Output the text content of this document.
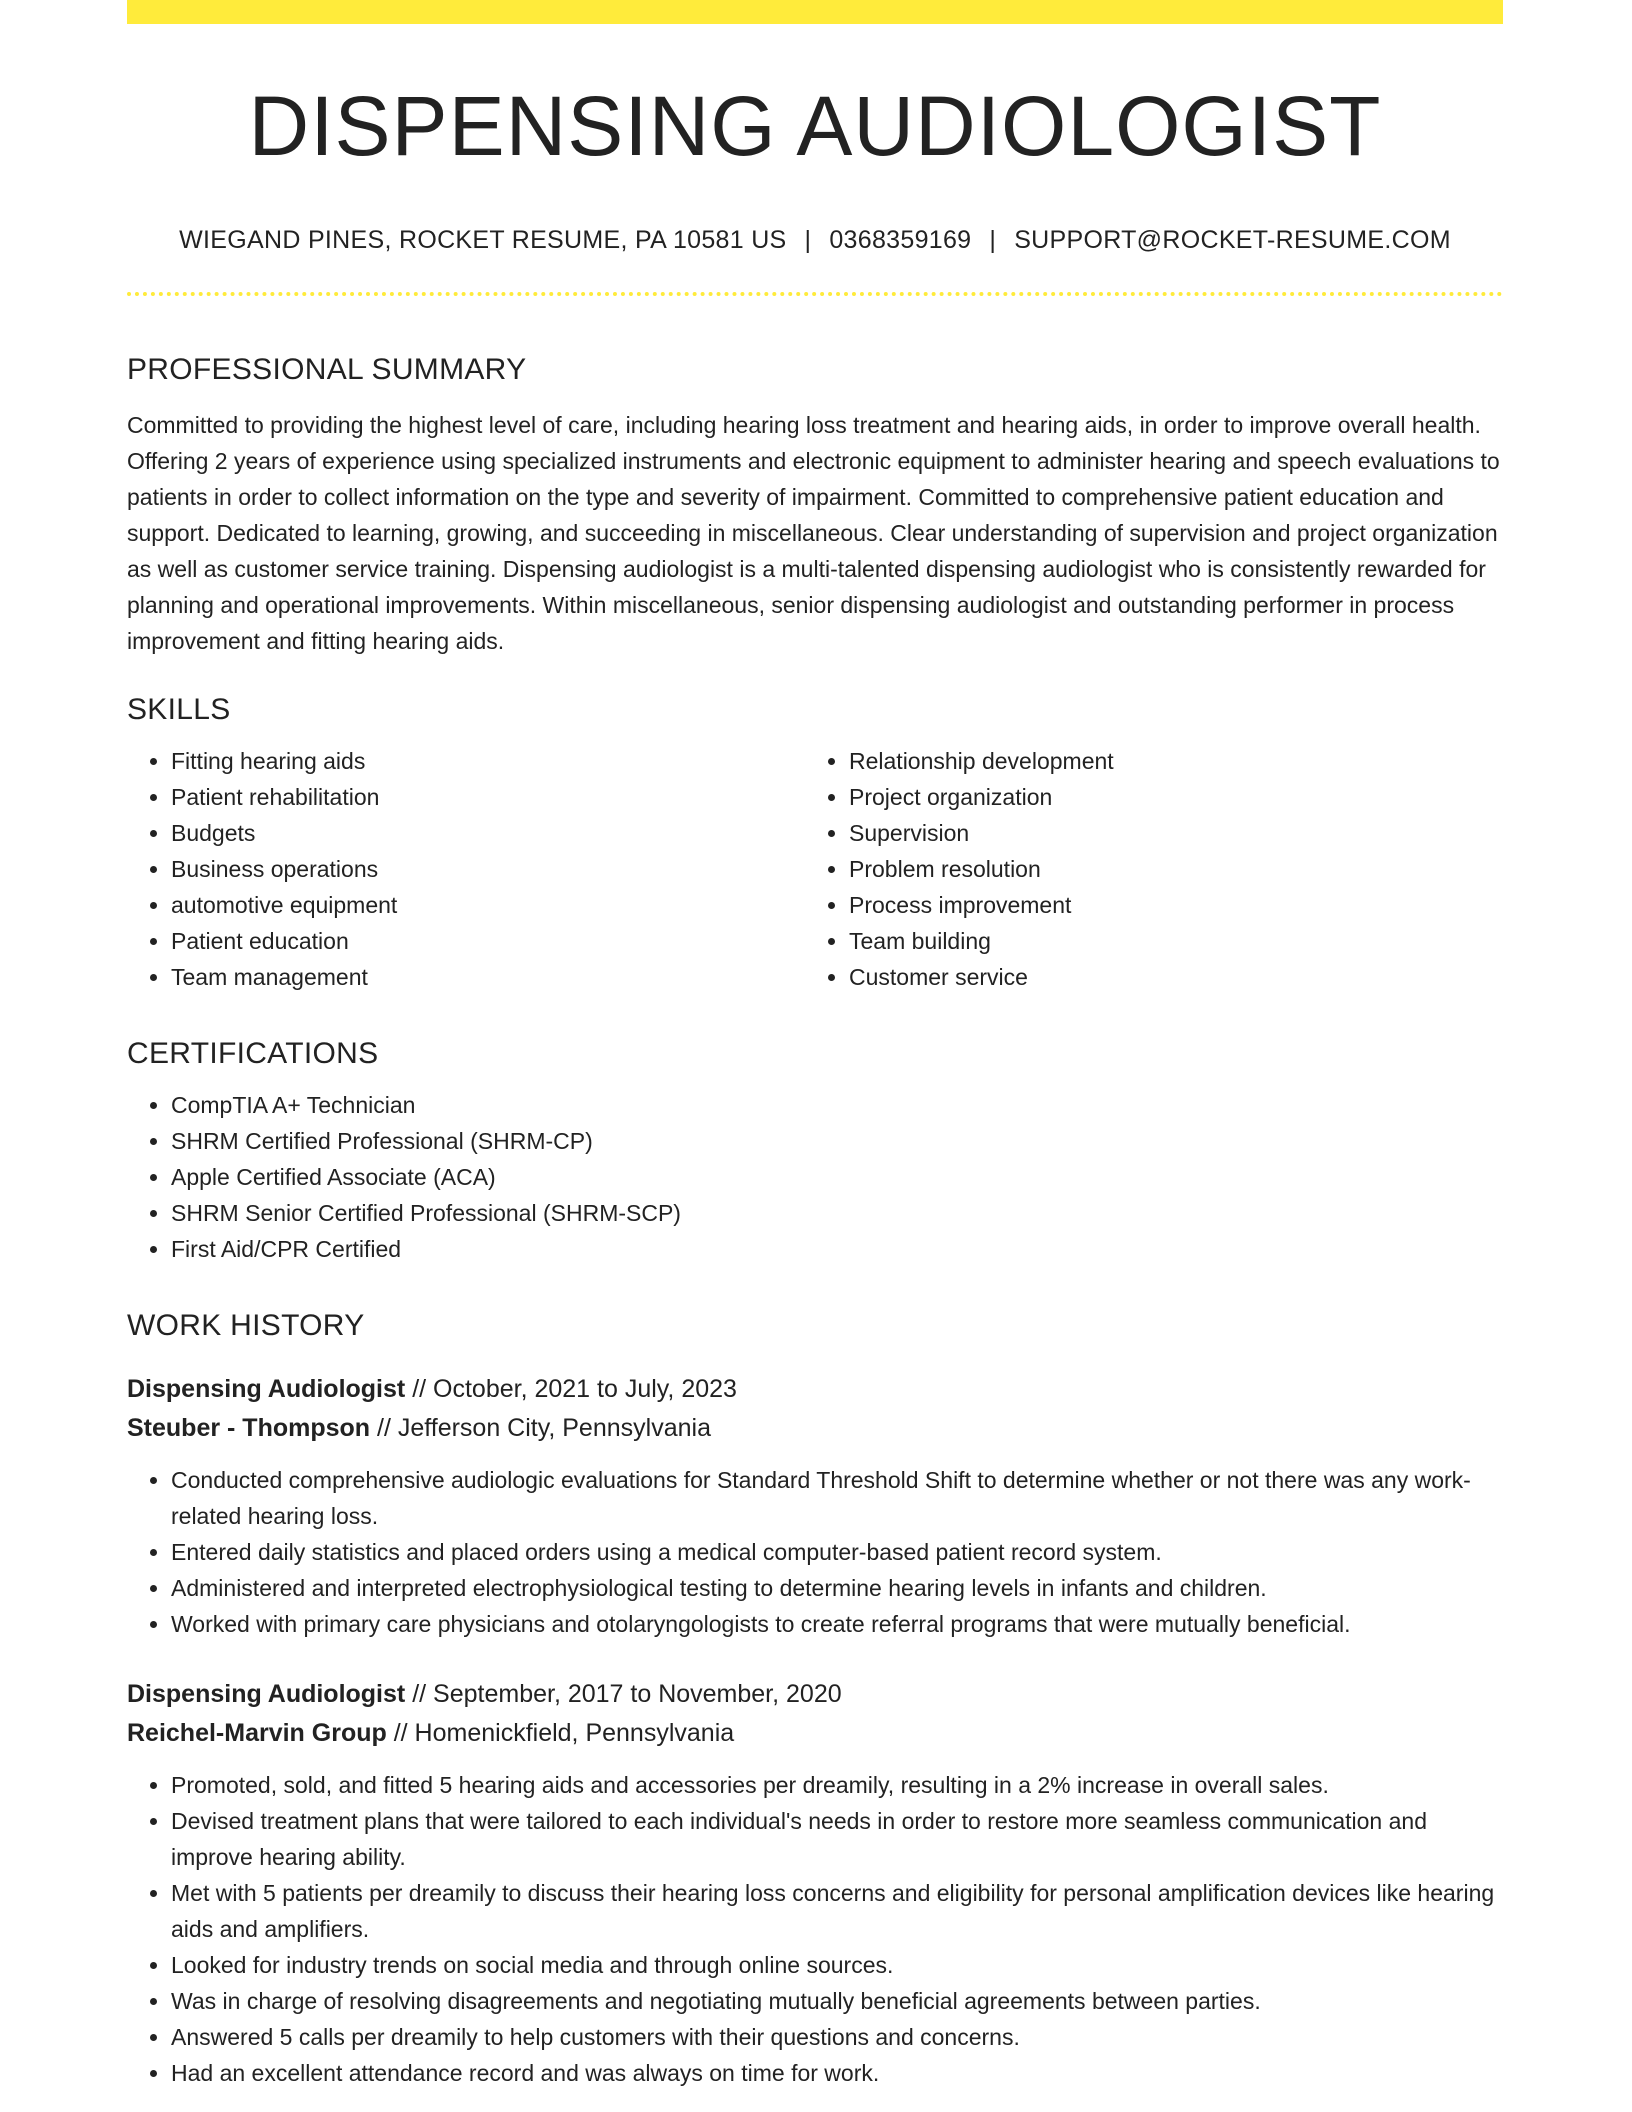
DISPENSING AUDIOLOGIST
WIEGAND PINES, ROCKET RESUME, PA 10581 US | 0368359169 | SUPPORT@ROCKET-RESUME.COM
PROFESSIONAL SUMMARY
Committed to providing the highest level of care, including hearing loss treatment and hearing aids, in order to improve overall health. Offering 2 years of experience using specialized instruments and electronic equipment to administer hearing and speech evaluations to patients in order to collect information on the type and severity of impairment. Committed to comprehensive patient education and support. Dedicated to learning, growing, and succeeding in miscellaneous. Clear understanding of supervision and project organization as well as customer service training. Dispensing audiologist is a multi-talented dispensing audiologist who is consistently rewarded for planning and operational improvements. Within miscellaneous, senior dispensing audiologist and outstanding performer in process improvement and fitting hearing aids.
SKILLS
• Fitting hearing aids
• Patient rehabilitation
• Budgets
• Business operations
• automotive equipment
• Patient education
• Team management
• Relationship development
• Project organization
• Supervision
• Problem resolution
• Process improvement
• Team building
• Customer service
CERTIFICATIONS
• CompTIA A+ Technician
• SHRM Certified Professional (SHRM-CP)
• Apple Certified Associate (ACA)
• SHRM Senior Certified Professional (SHRM-SCP)
• First Aid/CPR Certified
WORK HISTORY
Dispensing Audiologist // October, 2021 to July, 2023
Steuber - Thompson // Jefferson City, Pennsylvania
• Conducted comprehensive audiologic evaluations for Standard Threshold Shift to determine whether or not there was any work-related hearing loss.
• Entered daily statistics and placed orders using a medical computer-based patient record system.
• Administered and interpreted electrophysiological testing to determine hearing levels in infants and children.
• Worked with primary care physicians and otolaryngologists to create referral programs that were mutually beneficial.
Dispensing Audiologist // September, 2017 to November, 2020
Reichel-Marvin Group // Homenickfield, Pennsylvania
• Promoted, sold, and fitted 5 hearing aids and accessories per dreamily, resulting in a 2% increase in overall sales.
• Devised treatment plans that were tailored to each individual's needs in order to restore more seamless communication and improve hearing ability.
• Met with 5 patients per dreamily to discuss their hearing loss concerns and eligibility for personal amplification devices like hearing aids and amplifiers.
• Looked for industry trends on social media and through online sources.
• Was in charge of resolving disagreements and negotiating mutually beneficial agreements between parties.
• Answered 5 calls per dreamily to help customers with their questions and concerns.
• Had an excellent attendance record and was always on time for work.
